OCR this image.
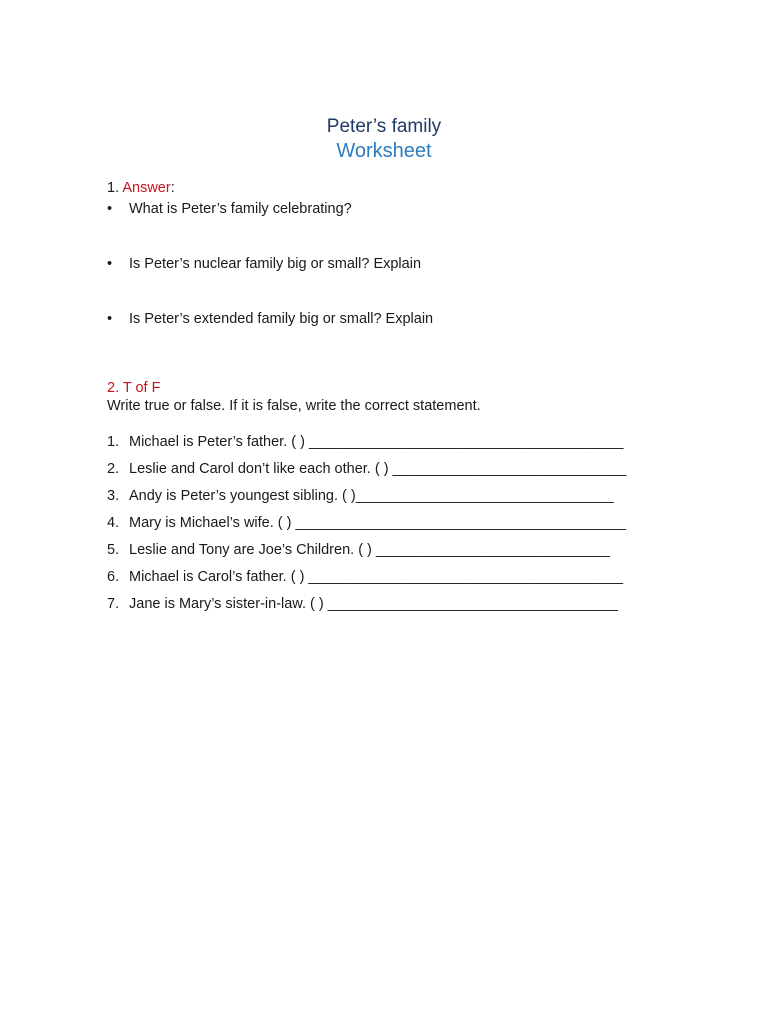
Peter’s family
Worksheet
1. Answer:
• What is Peter’s family celebrating?
• Is Peter’s nuclear family big or small? Explain
• Is Peter’s extended family big or small? Explain
2. T of F
Write true or false. If it is false, write the correct statement.
1. Michael is Peter’s father. ( ) _______________________________________
2. Leslie and Carol don’t like each other. ( ) _____________________________
3. Andy is Peter’s youngest sibling. ( )________________________________
4. Mary is Michael’s wife. ( ) _________________________________________
5. Leslie and Tony are Joe’s Children. ( ) _____________________________
6. Michael is Carol’s father. ( ) _______________________________________
7. Jane is Mary’s sister-in-law. ( ) ____________________________________
